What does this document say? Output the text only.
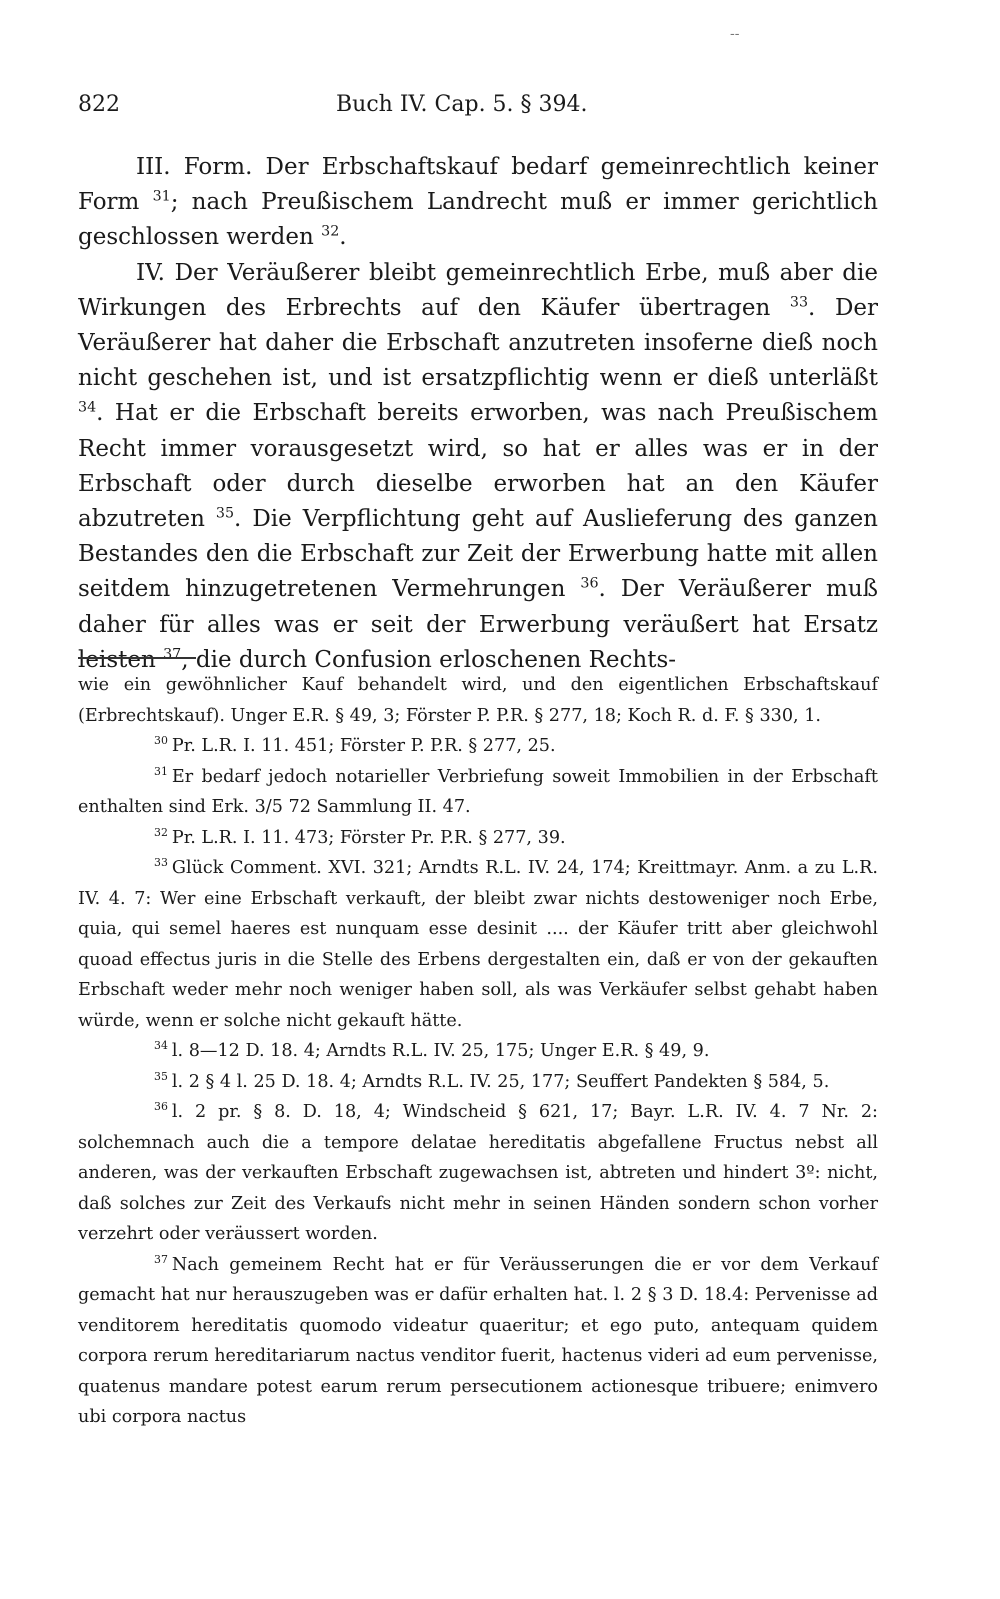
--
822	Buch IV. Cap. 5. § 394.

III. Form. Der Erbschaftskauf bedarf gemeinrechtlich keiner Form $^{31}$; nach Preußischem Landrecht muß er immer gerichtlich geschlossen werden $^{32}$.

IV. Der Veräußerer bleibt gemeinrechtlich Erbe, muß aber die Wirkungen des Erbrechts auf den Käufer übertragen $^{33}$. Der Veräußerer hat daher die Erbschaft anzutreten insoferne dieß noch nicht geschehen ist, und ist ersatzpflichtig wenn er dieß unterläßt $^{34}$. Hat er die Erbschaft bereits erworben, was nach Preußischem Recht immer vorausgesetzt wird, so hat er alles was er in der Erbschaft oder durch dieselbe erworben hat an den Käufer abzutreten $^{35}$. Die Verpflichtung geht auf Auslieferung des ganzen Bestandes den die Erbschaft zur Zeit der Erwerbung hatte mit allen seitdem hinzugetretenen Vermehrungen $^{36}$. Der Veräußerer muß daher für alles was er seit der Erwerbung veräußert hat Ersatz leisten $^{37}$, die durch Confusion erloschenen Rechts-

wie ein gewöhnlicher Kauf behandelt wird, und den eigentlichen Erbschaftskauf (Erbrechtskauf). Unger E.R. § 49, 3; Förster P. P.R. § 277, 18; Koch R. d. F. § 330, 1.

$^{30}$ Pr. L.R. I. 11. 451; Förster P. P.R. § 277, 25.

$^{31}$ Er bedarf jedoch notarieller Verbriefung soweit Immobilien in der Erbschaft enthalten sind Erk. 3/5 72 Sammlung II. 47.

$^{32}$ Pr. L.R. I. 11. 473; Förster Pr. P.R. § 277, 39.

$^{33}$ Glück Comment. XVI. 321; Arndts R.L. IV. 24, 174; Kreittmayr. Anm. a zu L.R. IV. 4. 7: Wer eine Erbschaft verkauft, der bleibt zwar nichts destoweniger noch Erbe, quia, qui semel haeres est nunquam esse desinit .... der Käufer tritt aber gleichwohl quoad effectus juris in die Stelle des Erbens dergestalten ein, daß er von der gekauften Erbschaft weder mehr noch weniger haben soll, als was Verkäufer selbst gehabt haben würde, wenn er solche nicht gekauft hätte.

$^{34}$ l. 8—12 D. 18. 4; Arndts R.L. IV. 25, 175; Unger E.R. § 49, 9.

$^{35}$ l. 2 § 4 l. 25 D. 18. 4; Arndts R.L. IV. 25, 177; Seuffert Pandekten § 584, 5.

$^{36}$ l. 2 pr. § 8. D. 18, 4; Windscheid § 621, 17; Bayr. L.R. IV. 4. 7 Nr. 2: solchemnach auch die a tempore delatae hereditatis abgefallene Fructus nebst all anderen, was der verkauften Erbschaft zugewachsen ist, abtreten und hindert 3º: nicht, daß solches zur Zeit des Verkaufs nicht mehr in seinen Händen sondern schon vorher verzehrt oder veräussert worden.

$^{37}$ Nach gemeinem Recht hat er für Veräusserungen die er vor dem Verkauf gemacht hat nur herauszugeben was er dafür erhalten hat. l. 2 § 3 D. 18.4: Pervenisse ad venditorem hereditatis quomodo videatur quaeritur; et ego puto, antequam quidem corpora rerum hereditariarum nactus venditor fuerit, hactenus videri ad eum pervenisse, quatenus mandare potest earum rerum persecutionem actionesque tribuere; enimvero ubi corpora nactus
